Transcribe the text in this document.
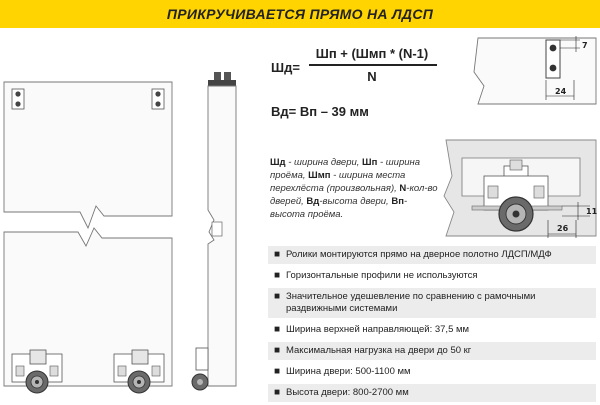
ПРИКРУЧИВАЕТСЯ ПРЯМО НА ЛДСП
7
24
11
26
Шд=
Шп + (Шмп * (N-1)
N
Вд= Вп – 39 мм
Шд - ширина двери, Шп - ширина проёма, Шмп - ширина места перехлёста (произвольная), N-кол-во дверей, Вд-высота двери, Вп-высота проёма.
■ Ролики монтируются прямо на дверное полотно ЛДСП/МДФ
■ Горизонтальные профили не используются
■ Значительное удешевление по сравнению с рамочными раздвижными системами
■ Ширина верхней направляющей: 37,5 мм
■ Максимальная нагрузка на двери до 50 кг
■ Ширина двери: 500-1100 мм
■ Высота двери: 800-2700 мм
